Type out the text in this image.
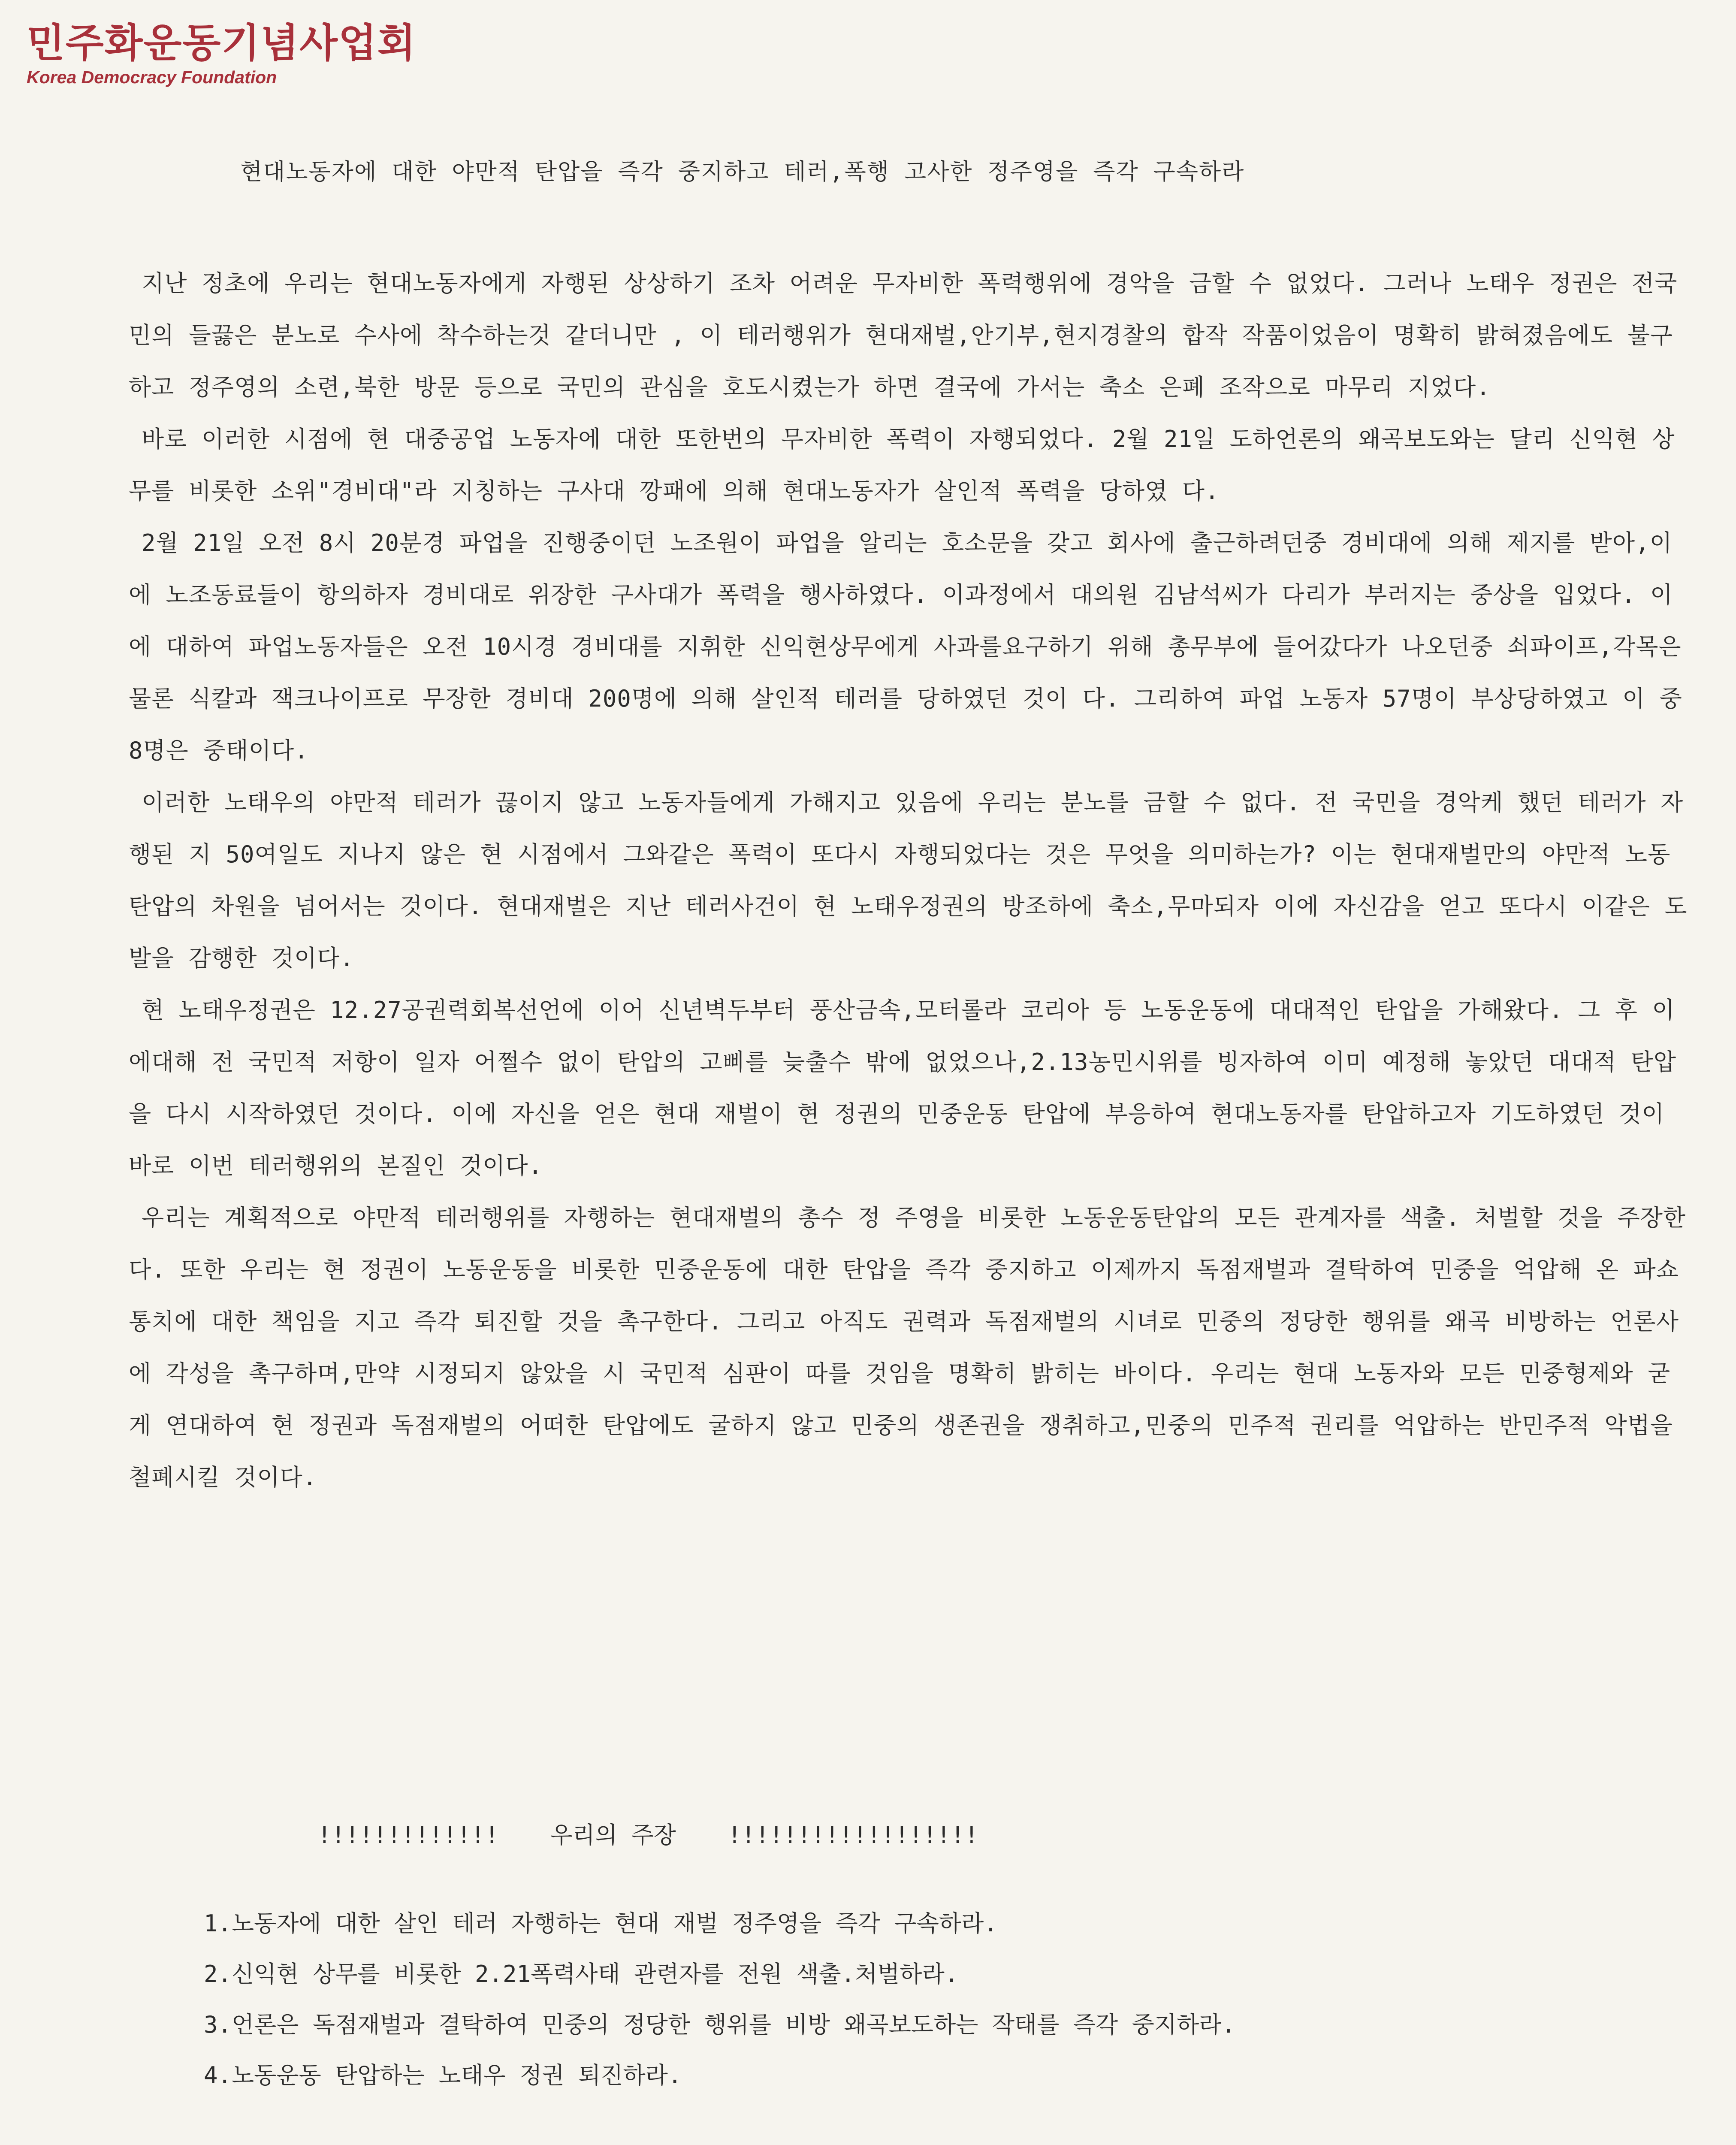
민주화운동기념사업회
Korea Democracy Foundation
현대노동자에 대한 야만적 탄압을 즉각 중지하고 테러,폭행 고사한 정주영을 즉각 구속하라

지난 정초에 우리는 현대노동자에게 자행된 상상하기 조차 어려운 무자비한 폭력행위에 경악을 금할 수 없었다. 그러나 노태우 정권은 전국민의 들끓은 분노로 수사에 착수하는것 같더니만 , 이 테러행위가 현대재벌,안기부,현지경찰의 합작 작품이었음이 명확히 밝혀졌음에도 불구하고 정주영의 소련,북한 방문 등으로 국민의 관심을 호도시켰는가 하면 결국에 가서는 축소 은폐 조작으로 마무리 지었다.

바로 이러한 시점에 현 대중공업 노동자에 대한 또한번의 무자비한 폭력이 자행되었다. 2월 21일 도하언론의 왜곡보도와는 달리 신익현 상무를 비롯한 소위"경비대"라 지칭하는 구사대 깡패에 의해 현대노동자가 살인적 폭력을 당하였 다.

2월 21일 오전 8시 20분경 파업을 진행중이던 노조원이 파업을 알리는 호소문을 갖고 회사에 출근하려던중 경비대에 의해 제지를 받아,이에 노조동료들이 항의하자 경비대로 위장한 구사대가 폭력을 행사하였다. 이과정에서 대의원 김남석씨가 다리가 부러지는 중상을 입었다. 이에 대하여 파업노동자들은 오전 10시경 경비대를 지휘한 신익현상무에게 사과를요구하기 위해 총무부에 들어갔다가 나오던중 쇠파이프,각목은 물론 식칼과 잭크나이프로 무장한 경비대 200명에 의해 살인적 테러를 당하였던 것이 다. 그리하여 파업 노동자 57명이 부상당하였고 이 중 8명은 중태이다.

이러한 노태우의 야만적 테러가 끊이지 않고 노동자들에게 가해지고 있음에 우리는 분노를 금할 수 없다. 전 국민을 경악케 했던 테러가 자행된 지 50여일도 지나지 않은 현 시점에서 그와같은 폭력이 또다시 자행되었다는 것은 무엇을 의미하는가? 이는 현대재벌만의 야만적 노동탄압의 차원을 넘어서는 것이다. 현대재벌은 지난 테러사건이 현 노태우정권의 방조하에 축소,무마되자 이에 자신감을 얻고 또다시 이같은 도발을 감행한 것이다.

현 노태우정권은 12.27공권력회복선언에 이어 신년벽두부터 풍산금속,모터롤라 코리아 등 노동운동에 대대적인 탄압을 가해왔다. 그 후 이에대해 전 국민적 저항이 일자 어쩔수 없이 탄압의 고삐를 늦출수 밖에 없었으나,2.13농민시위를 빙자하여 이미 예정해 놓았던 대대적 탄압을 다시 시작하였던 것이다. 이에 자신을 얻은 현대 재벌이 현 정권의 민중운동 탄압에 부응하여 현대노동자를 탄압하고자 기도하였던 것이 바로 이번 테러행위의 본질인 것이다.

우리는 계획적으로 야만적 테러행위를 자행하는 현대재벌의 총수 정 주영을 비롯한 노동운동탄압의 모든 관계자를 색출. 처벌할 것을 주장한다. 또한 우리는 현 정권이 노동운동을 비롯한 민중운동에 대한 탄압을 즉각 중지하고 이제까지 독점재벌과 결탁하여 민중을 억압해 온 파쇼통치에 대한 책임을 지고 즉각 퇴진할 것을 촉구한다. 그리고 아직도 권력과 독점재벌의 시녀로 민중의 정당한 행위를 왜곡 비방하는 언론사에 각성을 촉구하며,만약 시정되지 않았을 시 국민적 심판이 따를 것임을 명확히 밝히는 바이다. 우리는 현대 노동자와 모든 민중형제와 굳게 연대하여 현 정권과 독점재벌의 어떠한 탄압에도 굴하지 않고 민중의 생존권을 쟁취하고,민중의 민주적 권리를 억압하는 반민주적 악법을 철폐시킬 것이다.

!!!!!!!!!!!!! 우리의 주장 !!!!!!!!!!!!!!!!!!
1.노동자에 대한 살인 테러 자행하는 현대 재벌 정주영을 즉각 구속하라.
2.신익현 상무를 비롯한 2.21폭력사태 관련자를 전원 색출.처벌하라.
3.언론은 독점재벌과 결탁하여 민중의 정당한 행위를 비방 왜곡보도하는 작태를 즉각 중지하라.
4.노동운동 탄압하는 노태우 정권 퇴진하라.
